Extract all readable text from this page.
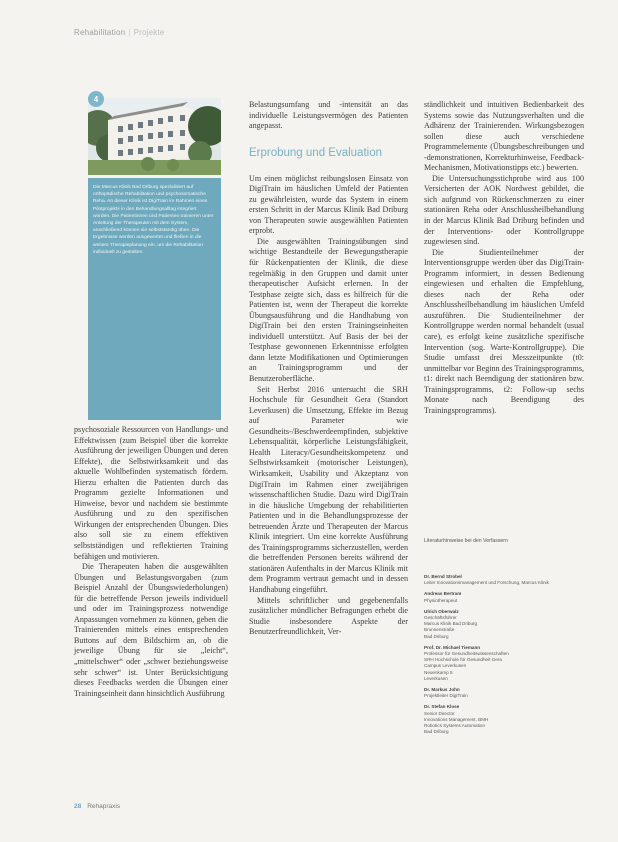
Rehabilitation | Projekte
4
Die Marcus Klinik Bad Driburg spezialisiert auf orthopädische Rehabilitation und psychosomatische Reha. An dieser Klinik ist DigiTrain im Rahmen eines Pilotprojekts in den Behandlungsalltag integriert worden. Die Patientinnen und Patienten trainieren unter Anleitung der Therapeuten mit dem System, anschließend können sie selbstständig üben. Die Ergebnisse werden ausgewertet und fließen in die weitere Therapieplanung ein, um die Rehabilitation individuell zu gestalten.

psychosoziale Ressourcen von Handlungs- und Effektwissen (zum Beispiel über die korrekte Ausführung der jeweiligen Übungen und deren Effekte), die Selbstwirksamkeit und das aktuelle Wohlbefinden systematisch fördern. Hierzu erhalten die Patienten durch das Programm gezielte Informationen und Hinweise, bevor und nachdem sie bestimmte Ausführung und zu den spezifischen Wirkungen der entsprechenden Übungen. Dies also soll sie zu einem effektiven selbstständigen und reflektierten Training befähigen und motivieren.

Die Therapeuten haben die ausgewählten Übungen und Belastungsvorgaben (zum Beispiel Anzahl der Übungswiederholungen) für die betreffende Person jeweils individuell und oder im Trainingsprozess notwendige Anpassungen vornehmen zu können, geben die Trainierenden mittels eines entsprechenden Buttons auf dem Bildschirm an, ob die jeweilige Übung für sie „leicht“, „mittelschwer“ oder „schwer beziehungsweise sehr schwer“ ist. Unter Berücksichtigung dieses Feedbacks werden die Übungen einer Trainingseinheit dann hinsichtlich Ausführung

Belastungsumfang und -intensität an das individuelle Leistungsvermögen des Patienten angepasst.

Erprobung und Evaluation

Um einen möglichst reibungslosen Einsatz von DigiTrain im häuslichen Umfeld der Patienten zu gewährleisten, wurde das System in einem ersten Schritt in der Marcus Klinik Bad Driburg von Therapeuten sowie ausgewählten Patienten erprobt.

Die ausgewählten Trainingsübungen sind wichtige Bestandteile der Bewegungstherapie für Rückenpatienten der Klinik, die diese regelmäßig in den Gruppen und damit unter therapeutischer Aufsicht erlernen. In der Testphase zeigte sich, dass es hilfreich für die Patienten ist, wenn der Therapeut die korrekte Übungsausführung und die Handhabung von DigiTrain bei den ersten Trainingseinheiten individuell unterstützt. Auf Basis der bei der Testphase gewonnenen Erkenntnisse erfolgten dann letzte Modifikationen und Optimierungen an Trainingsprogramm und der Benutzeroberfläche.

Seit Herbst 2016 untersucht die SRH Hochschule für Gesundheit Gera (Standort Leverkusen) die Umsetzung, Effekte im Bezug auf Parameter wie Gesundheits-/Beschwerdeempfinden, subjektive Lebensqualität, körperliche Leistungsfähigkeit, Health Literacy/Gesundheitskompetenz und Selbstwirksamkeit (motorischer Leistungen), Wirksamkeit, Usability und Akzeptanz von DigiTrain im Rahmen einer zweijährigen wissenschaftlichen Studie. Dazu wird DigiTrain in die häusliche Umgebung der rehabilitierten Patienten und in die Behandlungsprozesse der betreuenden Ärzte und Therapeuten der Marcus Klinik integriert. Um eine korrekte Ausführung des Trainingsprogramms sicherzustellen, werden die betreffenden Personen bereits während der stationären Aufenthalts in der Marcus Klinik mit dem Programm vertraut gemacht und in dessen Handhabung eingeführt.

Mittels schriftlicher und gegebenenfalls zusätzlicher mündlicher Befragungen erhebt die Studie insbesondere Aspekte der Benutzerfreundlichkeit, Ver-

ständlichkeit und intuitiven Bedienbarkeit des Systems sowie das Nutzungsverhalten und die Adhärenz der Trainierenden. Wirkungsbezogen sollen diese auch verschiedene Programmelemente (Übungsbeschreibungen und -demonstrationen, Korrekturhinweise, Feedback-Mechanismen, Motivationstipps etc.) bewerten.

Die Untersuchungsstichprobe wird aus 100 Versicherten der AOK Nordwest gebildet, die sich aufgrund von Rückenschmerzen zu einer stationären Reha oder Anschlussheilbehandlung in der Marcus Klinik Bad Driburg befinden und der Interventions- oder Kontrollgruppe zugewiesen sind.

Die Studienteilnehmer der Interventionsgruppe werden über das DigiTrain-Programm informiert, in dessen Bedienung eingewiesen und erhalten die Empfehlung, dieses nach der Reha oder Anschlussheilbehandlung im häuslichen Umfeld auszuführen. Die Studienteilnehmer der Kontrollgruppe werden normal behandelt (usual care), es erfolgt keine zusätzliche spezifische Intervention (sog. Warte-Kontrollgruppe). Die Studie umfasst drei Messzeitpunkte (t0: unmittelbar vor Beginn des Trainingsprogramms, t1: direkt nach Beendigung der stationären bzw. Trainingsprogramms, t2: Follow-up sechs Monate nach Beendigung des Trainingsprogramms).

Literaturhinweise bei den Verfassern
Dr. Bernd Strobel
Leiter Innovationsmanagement und Forschung, Marcus Klinik
Andreas Bertram
Physiotherapeut
Ulrich Oberwalz
Geschäftsführer
Marcus Klinik Bad Driburg
Brunnenstraße
Bad Driburg
Prof. Dr. Michael Tiemann
Professor für Gesundheitswissenschaften
SRH Hochschule für Gesundheit Gera
Campus Leverkusen
Neuenkamp 5
Leverkusen
Dr. Markus John
Projektleiter DigiTrain
Dr. Stefan Klose
Senior Director
Innovations Management, BMH
Robotics Systems Automation
Bad Driburg
28 Rehapraxis
